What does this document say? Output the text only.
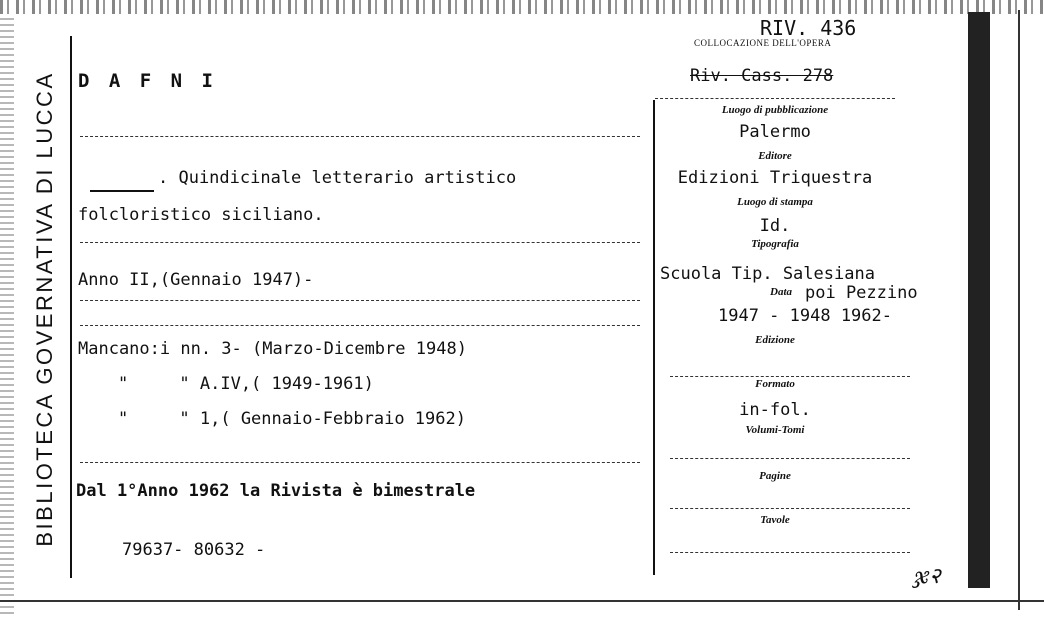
BIBLIOTECA GOVERNATIVA DI LUCCA
RIV. 436
COLLOCAZIONE DELL'OPERA
Riv. Cass. 278
D A F N I
. Quindicinale letterario artistico
folcloristico siciliano.
Anno II,(Gennaio 1947)-
Mancano:i nn. 3- (Marzo-Dicembre 1948)
"     " A.IV,( 1949-1961)
"     " 1,( Gennaio-Febbraio 1962)
Dal 1°Anno 1962 la Rivista è bimestrale
79637- 80632 -
Luogo di pubblicazione
Palermo
Editore
Edizioni Triquestra
Luogo di stampa
Id.
Tipografia
Scuola Tip. Salesiana
Data poi Pezzino
1947 - 1948 1962-
Edizione
Formato
in-fol.
Volumi-Tomi
Pagine
Tavole
ჯ२
